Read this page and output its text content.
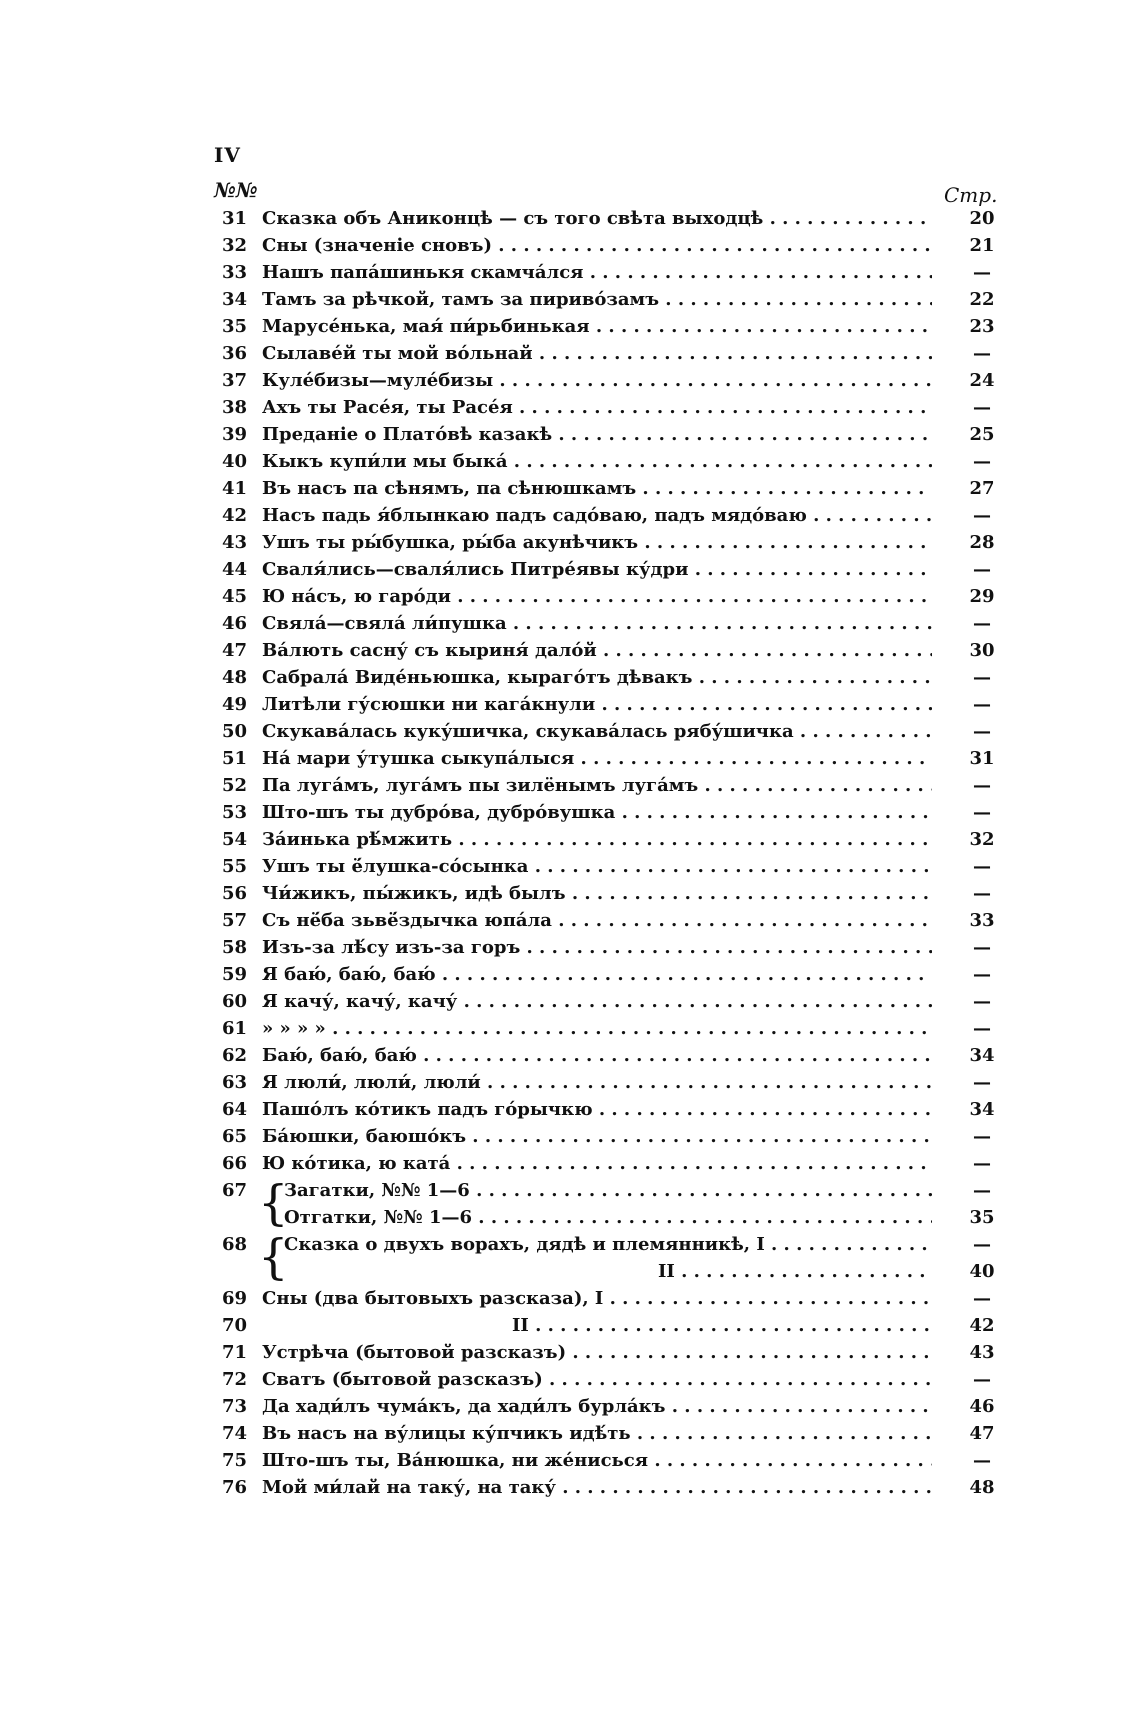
IV
№№	Стр.
31 Сказка объ Аниконцѣ — съ того свѣта выходцѣ . . .	20
32 Сны (значеніе сновъ) . . .	21
33 Нашъ папа́шинькя скамча́лся . . .	—
34 Тамъ за рѣчкой, тамъ за пириво́замъ . . .	22
35 Марусе́нька, мая́ пи́рьбинькая . . .	23
36 Сылаве́й ты мой во́льнай . . .	—
37 Куле́бизы—муле́бизы . . .	24
38 Ахъ ты Расе́я, ты Расе́я . . .	—
39 Преданіе о Плато́вѣ казакѣ . . .	25
40 Кыкъ купи́ли мы быка́ . . .	—
41 Въ насъ па сѣнямъ, па сѣнюшкамъ . . .	27
42 Насъ падь я́блынкаю падъ садо́ваю, падъ мядо́ваю . . .	—
43 Ушъ ты ры́бушка, ры́ба акунѣчикъ . . .	28
44 Сваля́лись—сваля́лись Питре́явы ку́дри . . .	—
45 Ю на́съ, ю гаро́ди . . .	29
46 Свяла́—свяла́ ли́пушка . . .	—
47 Ва́лють сасну́ съ кыриня́ дало́й . . .	30
48 Сабрала́ Виде́ньюшка, кыраго́тъ дѣвакъ . . .	—
49 Литѣли гу́сюшки ни кага́кнули . . .	—
50 Скукава́лась куку́шичка, скукава́лась рябу́шичка . . .	—
51 На́ мари у́тушка сыкупа́лыся . . .	31
52 Па луга́мъ, луга́мъ пы зилёнымъ луга́мъ . . .	—
53 Што-шъ ты дубро́ва, дубро́вушка . . .	—
54 За́инька рѣ́мжить . . .	32
55 Ушъ ты ё́лушка-со́сынка . . .	—
56 Чи́жикъ, пы́жикъ, идѣ былъ . . .	—
57 Съ нё́ба зьвё́здычка юпа́ла . . .	33
58 Изъ-за лѣ́су изъ-за горъ . . .	—
59 Я баю́, баю́, баю́ . . .	—
60 Я качу́, качу́, качу́ . . .	—
61 » » » » . . .	—
62 Баю́, баю́, баю́ . . .	34
63 Я люли́, люли́, люли́ . . .	—
64 Пашо́лъ ко́тикъ падъ го́рычкю . . .	34
65 Ба́юшки, баюшо́къ . . .	—
66 Ю ко́тика, ю ката́ . . .	—
67 {
Загатки, №№ 1—6 . . .	—
Отгатки, №№ 1—6 . . .	35
68 {
Сказка о двухъ ворахъ, дядѣ и племянникѣ, I . . .	—
II . . .	40
69 Сны (два бытовыхъ разсказа), I . . .	—
70	II . . .	42
71 Устрѣча (бытовой разсказъ) . . .	43
72 Сватъ (бытовой разсказъ) . . .	—
73 Да хади́лъ чума́къ, да хади́лъ бурла́къ . . .	46
74 Въ насъ на ву́лицы ку́пчикъ идѣ́ть . . .	47
75 Што-шъ ты, Ва́нюшка, ни же́нисься . . .	—
76 Мой ми́лай на таку́, на таку́ . . .	48
